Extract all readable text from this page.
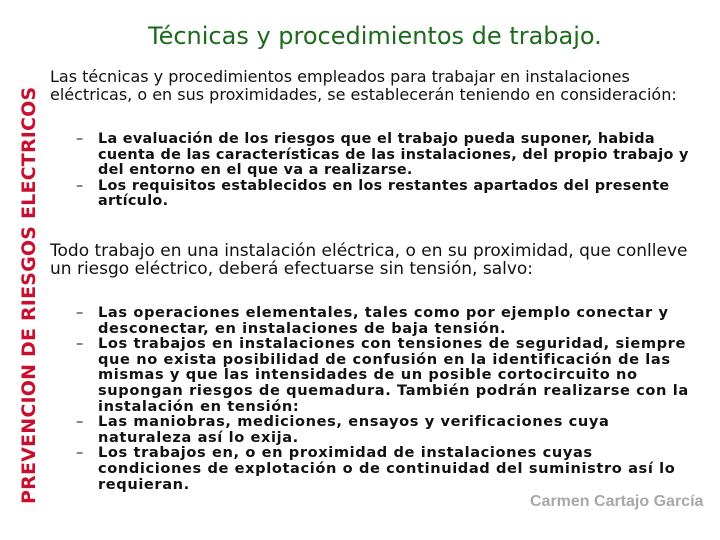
PREVENCION DE RIESGOS ELECTRICOS
Técnicas y procedimientos de trabajo.
Las técnicas y procedimientos empleados para trabajar en instalaciones eléctricas, o en sus proximidades, se establecerán teniendo en consideración:
– La evaluación de los riesgos que el trabajo pueda suponer, habida cuenta de las características de las instalaciones, del propio trabajo y del entorno en el que va a realizarse.
– Los requisitos establecidos en los restantes apartados del presente artículo.
Todo trabajo en una instalación eléctrica, o en su proximidad, que conlleve un riesgo eléctrico, deberá efectuarse sin tensión, salvo:
– Las operaciones elementales, tales como por ejemplo conectar y desconectar, en instalaciones de baja tensión.
– Los trabajos en instalaciones con tensiones de seguridad, siempre que no exista posibilidad de confusión en la identificación de las mismas y que las intensidades de un posible cortocircuito no supongan riesgos de quemadura. También podrán realizarse con la instalación en tensión:
– Las maniobras, mediciones, ensayos y verificaciones cuya naturaleza así lo exija.
– Los trabajos en, o en proximidad de instalaciones cuyas condiciones de explotación o de continuidad del suministro así lo requieran.
Carmen Cartajo García
